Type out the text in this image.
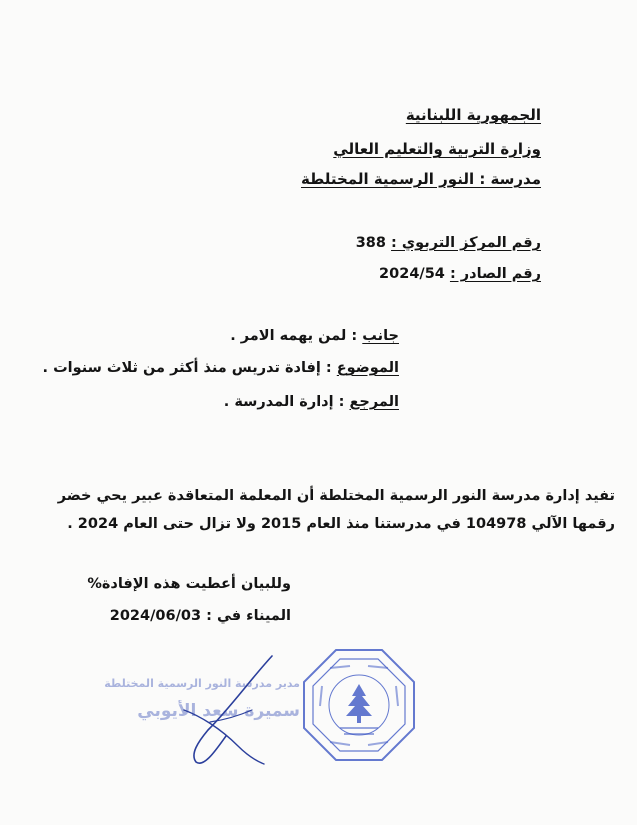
الجمهورية اللبنانية
وزارة التربية والتعليم العالي
مدرسة : النور الرسمية المختلطة
رقم المركز التربوي : 388
رقم الصادر : 2024/54
جانب : لمن يهمه الامر .
الموضوع : إفادة تدريس منذ أكثر من ثلاث سنوات .
المرجع : إدارة المدرسة .
تفيد إدارة مدرسة النور الرسمية المختلطة أن المعلمة المتعاقدة عبير يحي خضر
رقمها الآلي 104978 في مدرستنا منذ العام 2015 ولا تزال حتى العام 2024 .
وللبيان أعطيت هذه الإفادة%
الميناء في : 2024/06/03
مدير مدرسة النور الرسمية المختلطة
سميرة سعد الأيوبي
